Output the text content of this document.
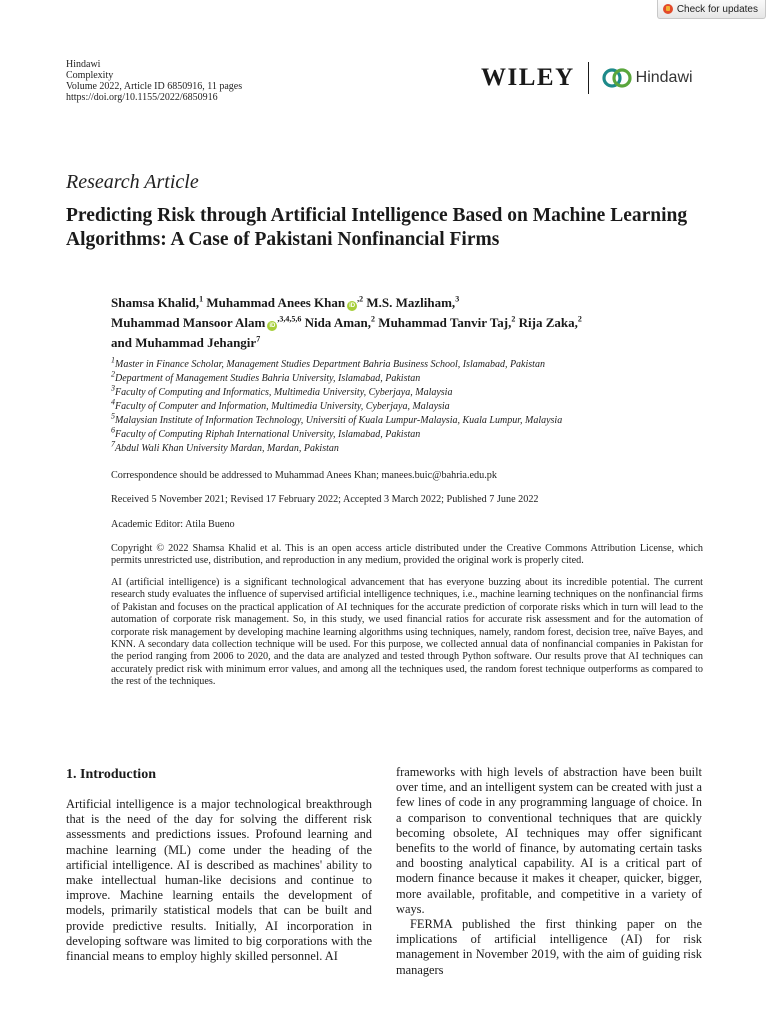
Check for updates
Hindawi
Complexity
Volume 2022, Article ID 6850916, 11 pages
https://doi.org/10.1155/2022/6850916
WILEY	Hindawi
Research Article
Predicting Risk through Artificial Intelligence Based on Machine Learning Algorithms: A Case of Pakistani Nonfinancial Firms
Shamsa Khalid,$^1$ Muhammad Anees Khan $iD^{,2}$ M.S. Mazliham,$^3$
Muhammad Mansoor Alam $iD^{,3,4,5,6}$ Nida Aman,$^2$ Muhammad Tanvir Taj,$^2$ Rija Zaka,$^2$
and Muhammad Jehangir$^7$
$^1$Master in Finance Scholar, Management Studies Department Bahria Business School, Islamabad, Pakistan
$^2$Department of Management Studies Bahria University, Islamabad, Pakistan
$^3$Faculty of Computing and Informatics, Multimedia University, Cyberjaya, Malaysia
$^4$Faculty of Computer and Information, Multimedia University, Cyberjaya, Malaysia
$^5$Malaysian Institute of Information Technology, Universiti of Kuala Lumpur-Malaysia, Kuala Lumpur, Malaysia
$^6$Faculty of Computing Riphah International University, Islamabad, Pakistan
$^7$Abdul Wali Khan University Mardan, Mardan, Pakistan
Correspondence should be addressed to Muhammad Anees Khan; manees.buic@bahria.edu.pk
Received 5 November 2021; Revised 17 February 2022; Accepted 3 March 2022; Published 7 June 2022
Academic Editor: Atila Bueno
Copyright © 2022 Shamsa Khalid et al. This is an open access article distributed under the Creative Commons Attribution License, which permits unrestricted use, distribution, and reproduction in any medium, provided the original work is properly cited.
AI (artificial intelligence) is a significant technological advancement that has everyone buzzing about its incredible potential. The current research study evaluates the influence of supervised artificial intelligence techniques, i.e., machine learning techniques on the nonfinancial firms of Pakistan and focuses on the practical application of AI techniques for the accurate prediction of corporate risks which in turn will lead to the automation of corporate risk management. So, in this study, we used financial ratios for accurate risk assessment and for the automation of corporate risk management by developing machine learning algorithms using techniques, namely, random forest, decision tree, naïve Bayes, and KNN. A secondary data collection technique will be used. For this purpose, we collected annual data of nonfinancial companies in Pakistan for the period ranging from 2006 to 2020, and the data are analyzed and tested through Python software. Our results prove that AI techniques can accurately predict risk with minimum error values, and among all the techniques used, the random forest technique outperforms as compared to the rest of the techniques.
1. Introduction

Artificial intelligence is a major technological breakthrough that is the need of the day for solving the different risk assessments and predictions issues. Profound learning and machine learning (ML) come under the heading of the artificial intelligence. AI is described as machines' ability to make intellectual human-like decisions and continue to improve. Machine learning entails the development of models, primarily statistical models that can be built and provide predictive results. Initially, AI incorporation in developing software was limited to big corporations with the financial means to employ highly skilled personnel. AI

frameworks with high levels of abstraction have been built over time, and an intelligent system can be created with just a few lines of code in any programming language of choice. In a comparison to conventional techniques that are quickly becoming obsolete, AI techniques may offer significant benefits to the world of finance, by automating certain tasks and boosting analytical capability. AI is a critical part of modern finance because it makes it cheaper, quicker, bigger, more available, profitable, and competitive in a variety of ways.

FERMA published the first thinking paper on the implications of artificial intelligence (AI) for risk management in November 2019, with the aim of guiding risk managers
